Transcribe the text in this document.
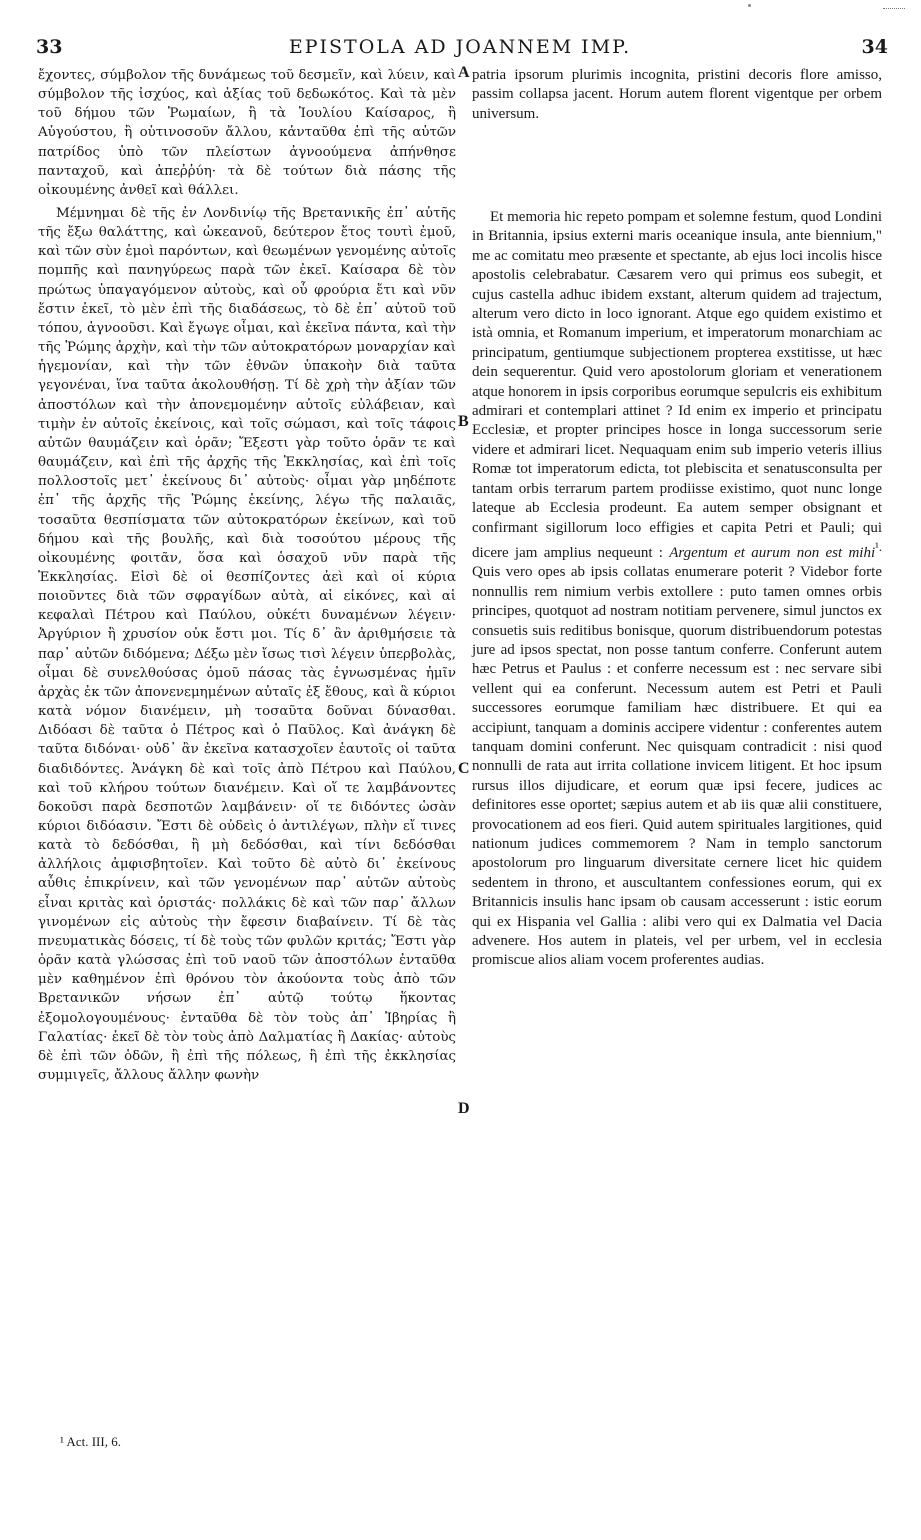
33	EPISTOLA AD JOANNEM IMP.	34
A
B
C
D

ἔχοντες, σύμβολον τῆς δυνάμεως τοῦ δεσμεῖν, καὶ λύειν, καὶ σύμβολον τῆς ἰσχύος, καὶ ἀξίας τοῦ δεδωκότος. Καὶ τὰ μὲν τοῦ δήμου τῶν Ῥωμαίων, ἢ τὰ Ἰουλίου Καίσαρος, ἢ Αὐγούστου, ἢ οὑτινοσοῦν ἄλλου, κἀνταῦθα ἐπὶ τῆς αὐτῶν πατρίδος ὑπὸ τῶν πλείστων ἀγνοούμενα ἀπήνθησε πανταχοῦ, καὶ ἀπεῤῥύη· τὰ δὲ τούτων διὰ πάσης τῆς οἰκουμένης ἀνθεῖ καὶ θάλλει.

patria ipsorum plurimis incognita, pristini decoris flore amisso, passim collapsa jacent. Horum autem florent vigentque per orbem universum.

Μέμνημαι δὲ τῆς ἐν Λονδινίῳ τῆς Βρετανικῆς ἐπ᾽ αὐτῆς τῆς ἔξω θαλάττης, καὶ ὠκεανοῦ, δεύτερον ἔτος τουτὶ ἐμοῦ, καὶ τῶν σὺν ἐμοὶ παρόντων, καὶ θεωμένων γενομένης αὐτοῖς πομπῆς καὶ πανηγύρεως παρὰ τῶν ἐκεῖ. Καίσαρα δὲ τὸν πρώτως ὑπαγαγόμενον αὐτοὺς, καὶ οὗ φρούρια ἔτι καὶ νῦν ἔστιν ἐκεῖ, τὸ μὲν ἐπὶ τῆς διαδάσεως, τὸ δὲ ἐπ᾽ αὐτοῦ τοῦ τόπου, ἀγνοοῦσι. Καὶ ἔγωγε οἶμαι, καὶ ἐκεῖνα πάντα, καὶ τὴν τῆς Ῥώμης ἀρχὴν, καὶ τὴν τῶν αὐτοκρατόρων μοναρχίαν καὶ ἡγεμονίαν, καὶ τὴν τῶν ἐθνῶν ὑπακοὴν διὰ ταῦτα γεγονέναι, ἵνα ταῦτα ἀκολουθήσῃ. Τί δὲ χρὴ τὴν ἀξίαν τῶν ἀποστόλων καὶ τὴν ἀπονεμομένην αὐτοῖς εὐλάβειαν, καὶ τιμὴν ἐν αὐτοῖς ἐκείνοις, καὶ τοῖς σώμασι, καὶ τοῖς τάφοις αὐτῶν θαυμάζειν καὶ ὁρᾶν; Ἔξεστι γὰρ τοῦτο ὁρᾶν τε καὶ θαυμάζειν, καὶ ἐπὶ τῆς ἀρχῆς τῆς Ἐκκλησίας, καὶ ἐπὶ τοῖς πολλοστοῖς μετ᾽ ἐκείνους δι᾽ αὐτοὺς· οἶμαι γὰρ μηδέποτε ἐπ᾽ τῆς ἀρχῆς τῆς Ῥώμης ἐκείνης, λέγω τῆς παλαιᾶς, τοσαῦτα θεσπίσματα τῶν αὐτοκρατόρων ἐκείνων, καὶ τοῦ δήμου καὶ τῆς βουλῆς, καὶ διὰ τοσούτου μέρους τῆς οἰκουμένης φοιτᾶν, ὅσα καὶ ὁσαχοῦ νῦν παρὰ τῆς Ἐκκλησίας. Εἰσὶ δὲ οἱ θεσπίζοντες ἀεὶ καὶ οἱ κύρια ποιοῦντες διὰ τῶν σφραγίδων αὐτὰ, αἱ εἰκόνες, καὶ αἱ κεφαλαὶ Πέτρου καὶ Παύλου, οὐκέτι δυναμένων λέγειν· Ἀργύριον ἢ χρυσίον οὐκ ἔστι μοι. Τίς δ᾽ ἂν ἀριθμήσειε τὰ παρ᾽ αὐτῶν διδόμενα; Δέξω μὲν ἴσως τισὶ λέγειν ὑπερβολὰς, οἶμαι δὲ συνελθούσας ὁμοῦ πάσας τὰς ἐγνωσμένας ἡμῖν ἀρχὰς ἐκ τῶν ἀπονενεμημένων αὐταῖς ἐξ ἔθους, καὶ ἃ κύριοι κατὰ νόμον διανέμειν, μὴ τοσαῦτα δοῦναι δύνασθαι. Διδόασι δὲ ταῦτα ὁ Πέτρος καὶ ὁ Παῦλος. Καὶ ἀνάγκη δὲ ταῦτα διδόναι· οὐδ᾽ ἂν ἐκεῖνα κατασχοῖεν ἑαυτοῖς οἱ ταῦτα διαδιδόντες. Ἀνάγκη δὲ καὶ τοῖς ἀπὸ Πέτρου καὶ Παύλου, καὶ τοῦ κλήρου τούτων διανέμειν. Καὶ οἵ τε λαμβάνοντες δοκοῦσι παρὰ δεσποτῶν λαμβάνειν· οἵ τε διδόντες ὡσὰν κύριοι διδόασιν. Ἔστι δὲ οὐδεὶς ὁ ἀντιλέγων, πλὴν εἴ τινες κατὰ τὸ δεδόσθαι, ἢ μὴ δεδόσθαι, καὶ τίνι δεδόσθαι ἀλλήλοις ἀμφισβητοῖεν. Καὶ τοῦτο δὲ αὐτὸ δι᾽ ἐκείνους αὖθις ἐπικρίνειν, καὶ τῶν γενομένων παρ᾽ αὐτῶν αὐτοὺς εἶναι κριτὰς καὶ ὁριστάς· πολλάκις δὲ καὶ τῶν παρ᾽ ἄλλων γινομένων εἰς αὐτοὺς τὴν ἔφεσιν διαβαίνειν. Τί δὲ τὰς πνευματικὰς δόσεις, τί δὲ τοὺς τῶν φυλῶν κριτάς; Ἔστι γὰρ ὁρᾶν κατὰ γλώσσας ἐπὶ τοῦ ναοῦ τῶν ἀποστόλων ἐνταῦθα μὲν καθημένον ἐπὶ θρόνου τὸν ἀκούοντα τοὺς ἀπὸ τῶν Βρετανικῶν νήσων ἐπ᾽ αὐτῷ τούτῳ ἥκοντας ἐξομολογουμένους· ἐνταῦθα δὲ τὸν τοὺς ἀπ᾽ Ἰβηρίας ἢ Γαλατίας· ἐκεῖ δὲ τὸν τοὺς ἀπὸ Δαλματίας ἢ Δακίας· αὐτοὺς δὲ ἐπὶ τῶν ὁδῶν, ἢ ἐπὶ τῆς πόλεως, ἢ ἐπὶ τῆς ἐκκλησίας συμμιγεῖς, ἄλλους ἄλλην φωνὴν

Et memoria hic repeto pompam et solemne festum, quod Londini in Britannia, ipsius externi maris oceanique insula, ante biennium," me ac comitatu meo præsente et spectante, ab ejus loci incolis hisce apostolis celebrabatur. Cæsarem vero qui primus eos subegit, et cujus castella adhuc ibidem exstant, alterum quidem ad trajectum, alterum vero dicto in loco ignorant. Atque ego quidem existimo et istà omnia, et Romanum imperium, et imperatorum monarchiam ac principatum, gentiumque subjectionem propterea exstitisse, ut hæc dein sequerentur. Quid vero apostolorum gloriam et venerationem atque honorem in ipsis corporibus eorumque sepulcris eis exhibitum admirari et contemplari attinet ? Id enim ex imperio et principatu Ecclesiæ, et propter principes hosce in longa successorum serie videre et admirari licet. Nequaquam enim sub imperio veteris illius Romæ tot imperatorum edicta, tot plebiscita et senatusconsulta per tantam orbis terrarum partem prodiisse existimo, quot nunc longe lateque ab Ecclesia prodeunt. Ea autem semper obsignant et confirmant sigillorum loco effigies et capita Petri et Pauli; qui dicere jam amplius nequeunt : Argentum et aurum non est mihi$^{^1.}$ Quis vero opes ab ipsis collatas enumerare poterit ? Videbor forte nonnullis rem nimium verbis extollere : puto tamen omnes orbis principes, quotquot ad nostram notitiam pervenere, simul junctos ex consuetis suis reditibus bonisque, quorum distribuendorum potestas jure ad ipsos spectat, non posse tantum conferre. Conferunt autem hæc Petrus et Paulus : et conferre necessum est : nec servare sibi vellent qui ea conferunt. Necessum autem est Petri et Pauli successores eorumque familiam hæc distribuere. Et qui ea accipiunt, tanquam a dominis accipere videntur : conferentes autem tanquam domini conferunt. Nec quisquam contradicit : nisi quod nonnulli de rata aut irrita collatione invicem litigent. Et hoc ipsum rursus illos dijudicare, et eorum quæ ipsi fecere, judices ac definitores esse oportet; sæpius autem et ab iis quæ alii constituere, provocationem ad eos fieri. Quid autem spirituales largitiones, quid nationum judices commemorem ? Nam in templo sanctorum apostolorum pro linguarum diversitate cernere licet hic quidem sedentem in throno, et auscultantem confessiones eorum, qui ex Britannicis insulis hanc ipsam ob causam accesserunt : istic eorum qui ex Hispania vel Gallia : alibi vero qui ex Dalmatia vel Dacia advenere. Hos autem in plateis, vel per urbem, vel in ecclesia promiscue alios aliam vocem proferentes audias.

¹ Act. III, 6.
